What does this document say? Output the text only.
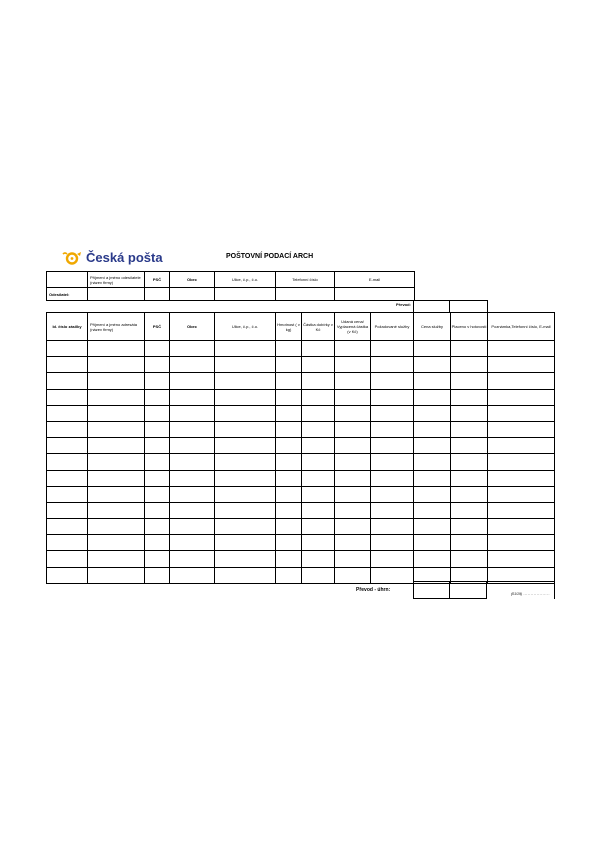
Česká pošta	POŠTOVNÍ PODACÍ ARCH
	Příjmení a jméno odesílatele (název firmy)	PSČ	Obec	Ulice, č.p., č.o.	Telefonní číslo	E-mail
Odesílatel:						
Převod:

Id. číslo zásilky	Příjmení a jméno adresáta (název firmy)	PSČ	Obec	Ulice, č.p., č.o.	Hmotnost ( v kg)	Částka dobírky v Kč	Udaná cena/ Vyplacená částka (v Kč)	Požadované služby	Cena služby	Placeno v hotovosti	Poznámka,Telefonní číslo, E-mail

Převod - úhrn:

(01/19) ..................
